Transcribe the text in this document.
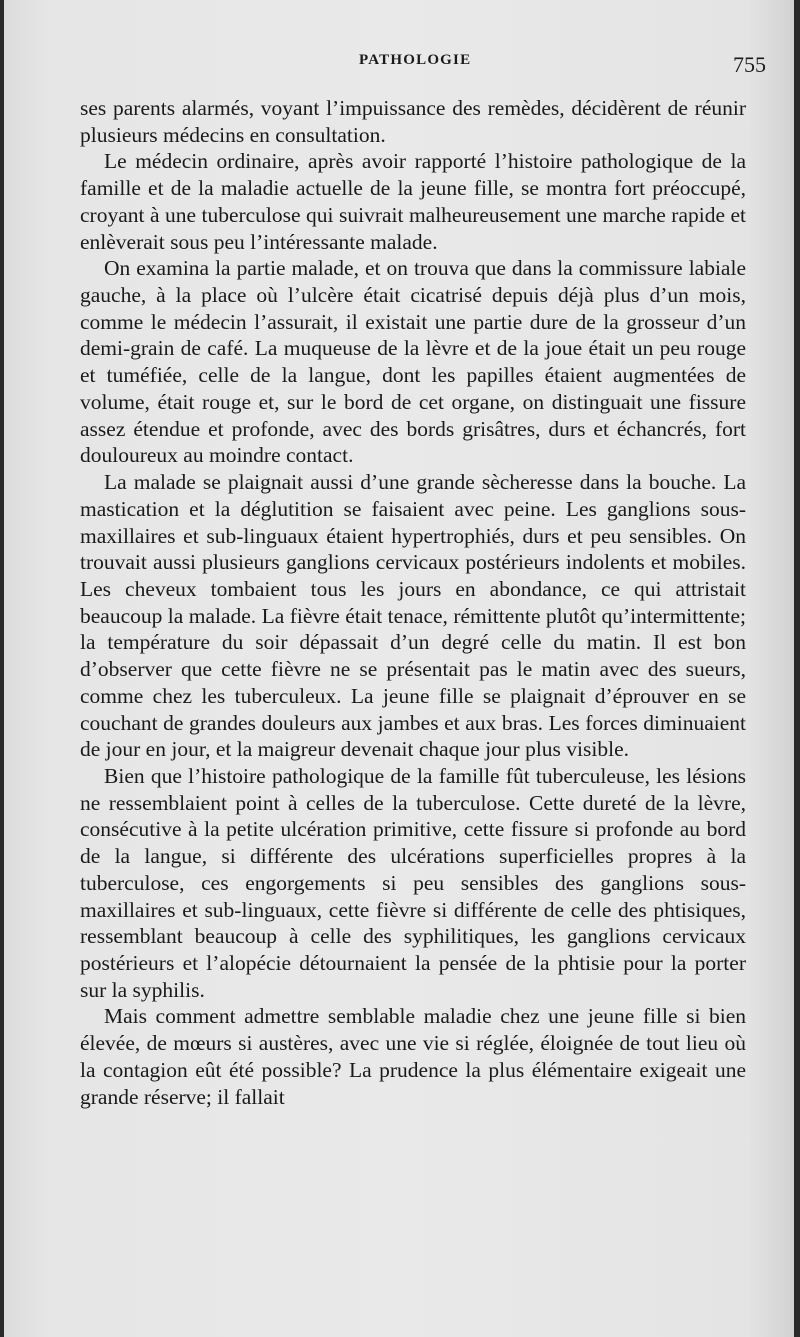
PATHOLOGIE	755

ses parents alarmés, voyant l’impuissance des remèdes, décidèrent de réunir plusieurs médecins en consultation.

Le médecin ordinaire, après avoir rapporté l’histoire pathologique de la famille et de la maladie actuelle de la jeune fille, se montra fort préoccupé, croyant à une tuberculose qui suivrait malheureusement une marche rapide et enlèverait sous peu l’intéressante malade.

On examina la partie malade, et on trouva que dans la commissure labiale gauche, à la place où l’ulcère était cicatrisé depuis déjà plus d’un mois, comme le médecin l’assurait, il existait une partie dure de la grosseur d’un demi-grain de café. La muqueuse de la lèvre et de la joue était un peu rouge et tuméfiée, celle de la langue, dont les papilles étaient augmentées de volume, était rouge et, sur le bord de cet organe, on distinguait une fissure assez étendue et profonde, avec des bords grisâtres, durs et échancrés, fort douloureux au moindre contact.

La malade se plaignait aussi d’une grande sècheresse dans la bouche. La mastication et la déglutition se faisaient avec peine. Les ganglions sous-maxillaires et sub-linguaux étaient hypertrophiés, durs et peu sensibles. On trouvait aussi plusieurs ganglions cervicaux postérieurs indolents et mobiles. Les cheveux tombaient tous les jours en abondance, ce qui attristait beaucoup la malade. La fièvre était tenace, rémittente plutôt qu’intermittente; la température du soir dépassait d’un degré celle du matin. Il est bon d’observer que cette fièvre ne se présentait pas le matin avec des sueurs, comme chez les tuberculeux. La jeune fille se plaignait d’éprouver en se couchant de grandes douleurs aux jambes et aux bras. Les forces diminuaient de jour en jour, et la maigreur devenait chaque jour plus visible.

Bien que l’histoire pathologique de la famille fût tuberculeuse, les lésions ne ressemblaient point à celles de la tuberculose. Cette dureté de la lèvre, consécutive à la petite ulcération primitive, cette fissure si profonde au bord de la langue, si différente des ulcérations superficielles propres à la tuberculose, ces engorgements si peu sensibles des ganglions sous-maxillaires et sub-linguaux, cette fièvre si différente de celle des phtisiques, ressemblant beaucoup à celle des syphilitiques, les ganglions cervicaux postérieurs et l’alopécie détournaient la pensée de la phtisie pour la porter sur la syphilis.

Mais comment admettre semblable maladie chez une jeune fille si bien élevée, de mœurs si austères, avec une vie si réglée, éloignée de tout lieu où la contagion eût été possible? La prudence la plus élémentaire exigeait une grande réserve; il fallait
